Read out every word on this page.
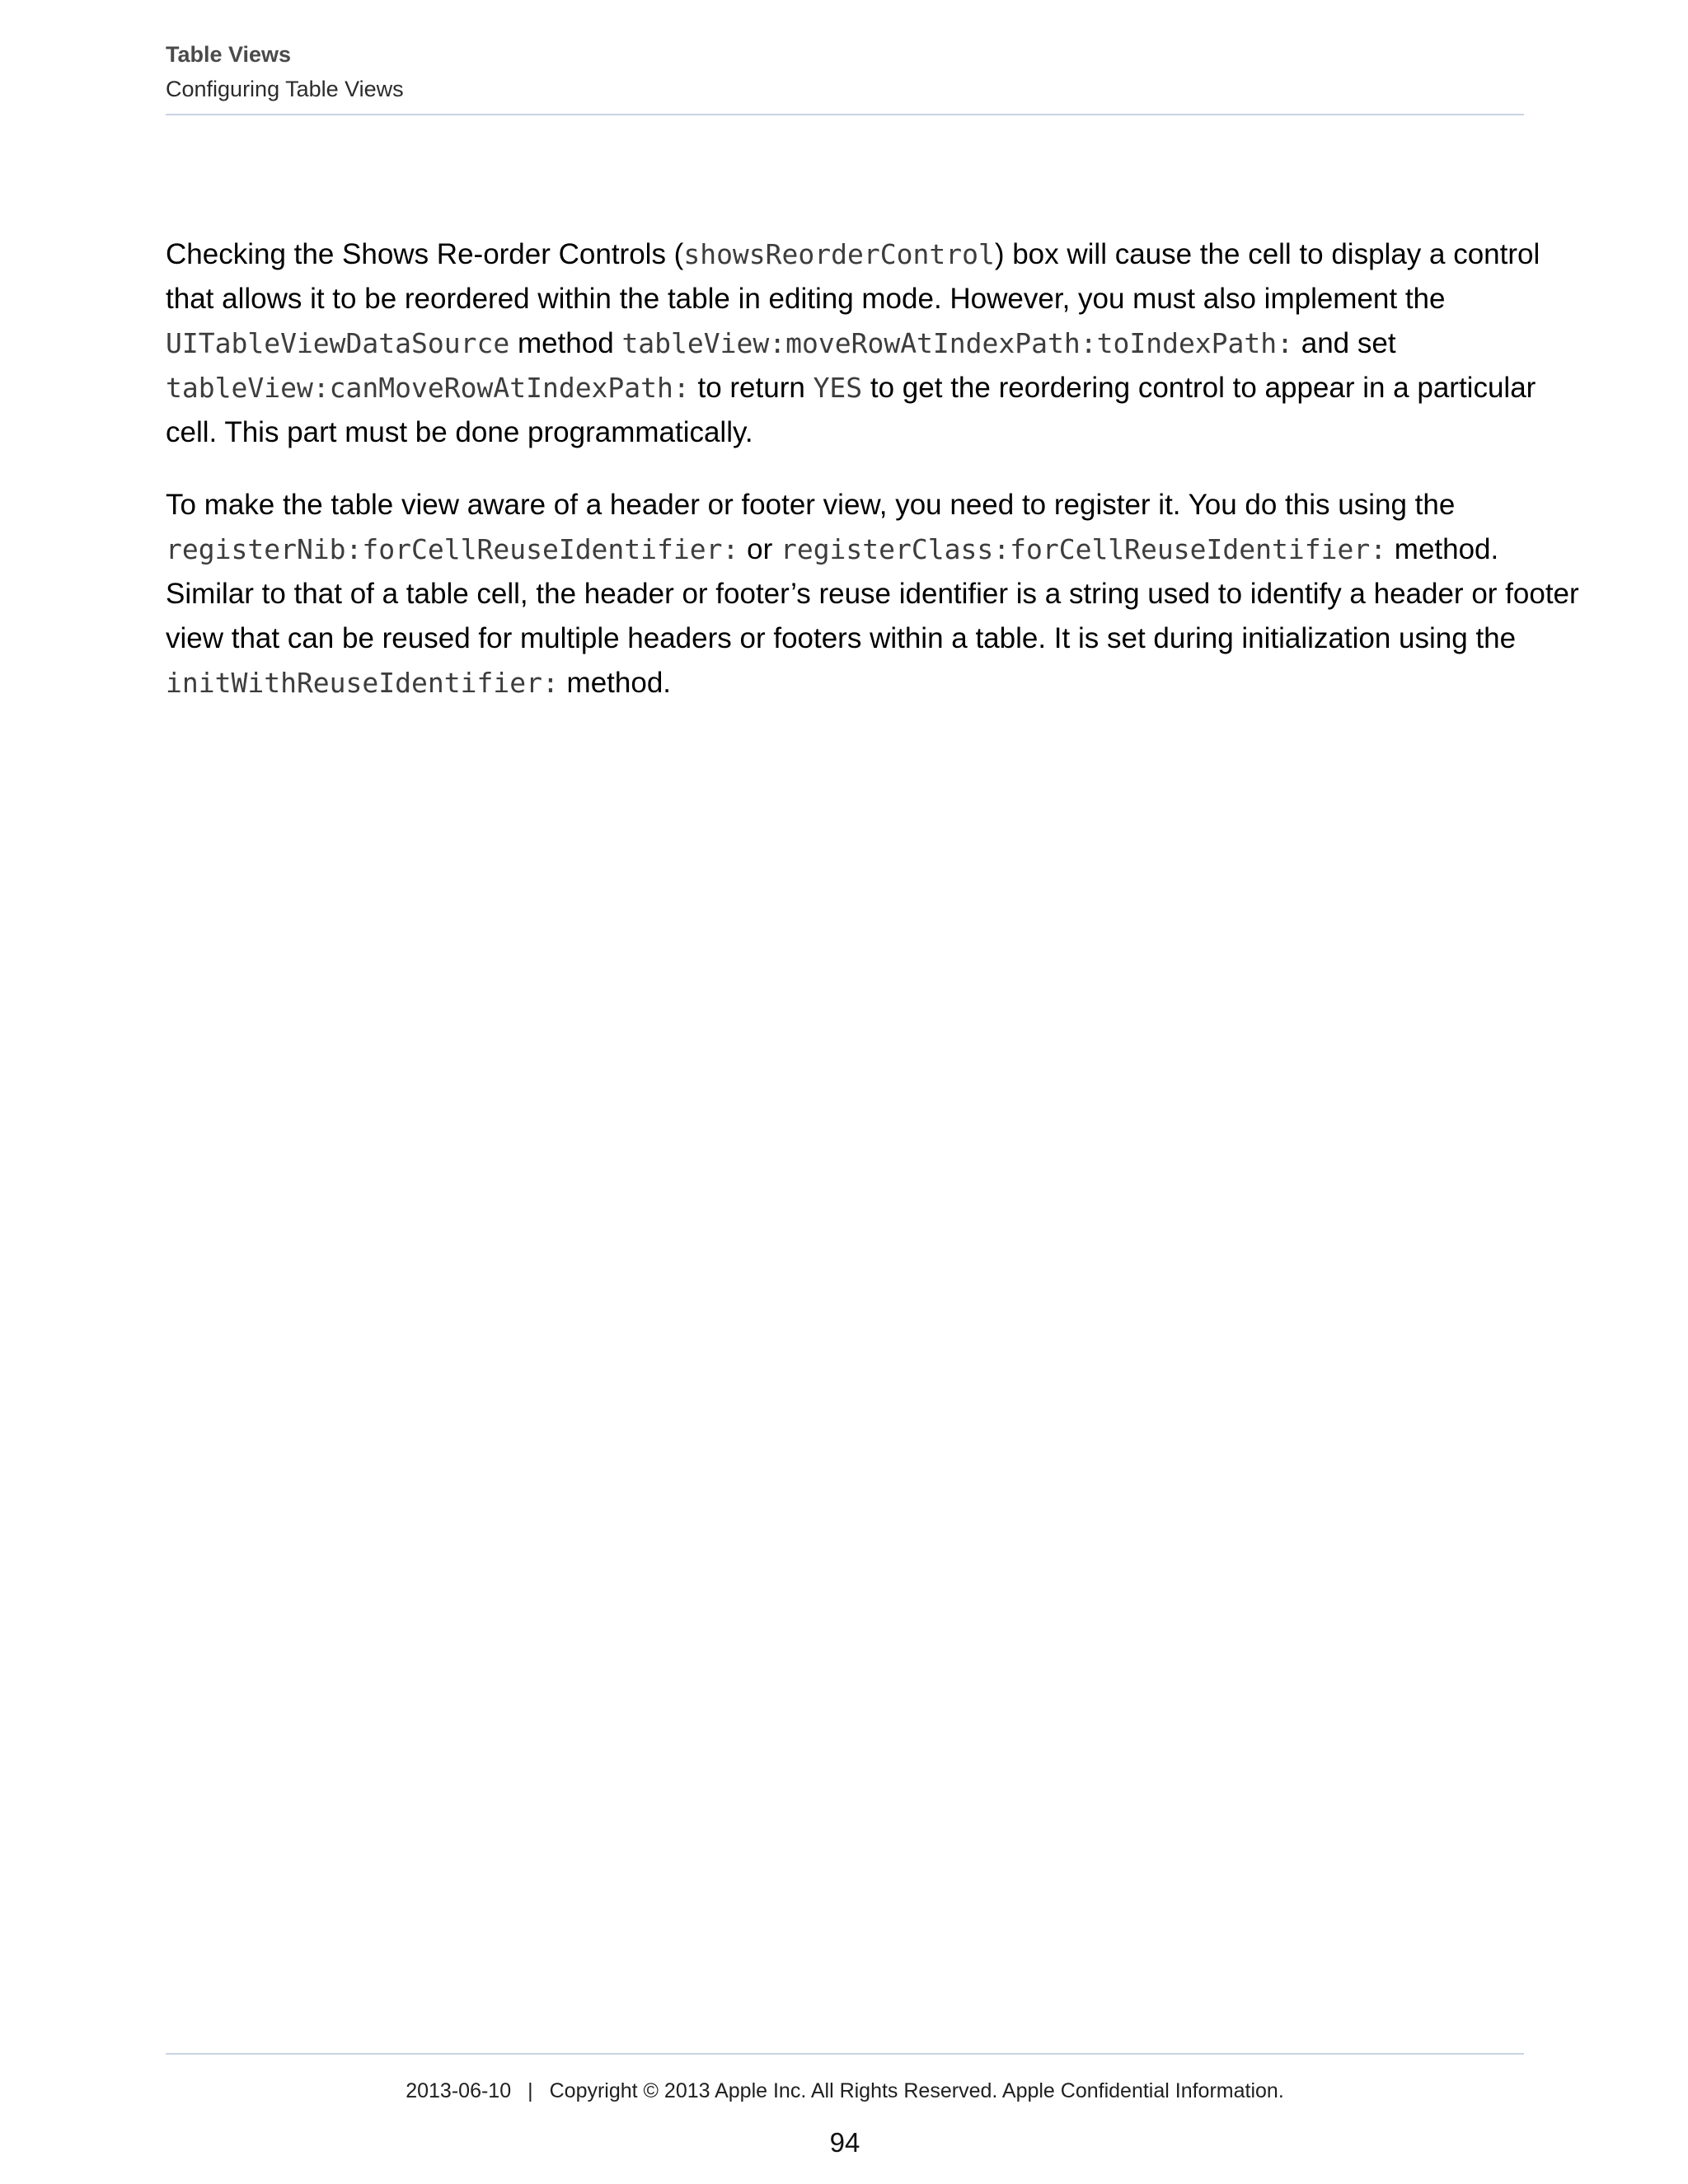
Table Views
Configuring Table Views
Checking the Shows Re-order Controls (showsReorderControl) box will cause the cell to display a control
that allows it to be reordered within the table in editing mode. However, you must also implement the
UITableViewDataSource method tableView:moveRowAtIndexPath:toIndexPath: and set
tableView:canMoveRowAtIndexPath: to return YES to get the reordering control to appear in a particular
cell. This part must be done programmatically.
To make the table view aware of a header or footer view, you need to register it. You do this using the
registerNib:forCellReuseIdentifier: or registerClass:forCellReuseIdentifier: method.
Similar to that of a table cell, the header or footer’s reuse identifier is a string used to identify a header or footer
view that can be reused for multiple headers or footers within a table. It is set during initialization using the
initWithReuseIdentifier: method.
2013-06-10 | Copyright © 2013 Apple Inc. All Rights Reserved. Apple Confidential Information.
94
